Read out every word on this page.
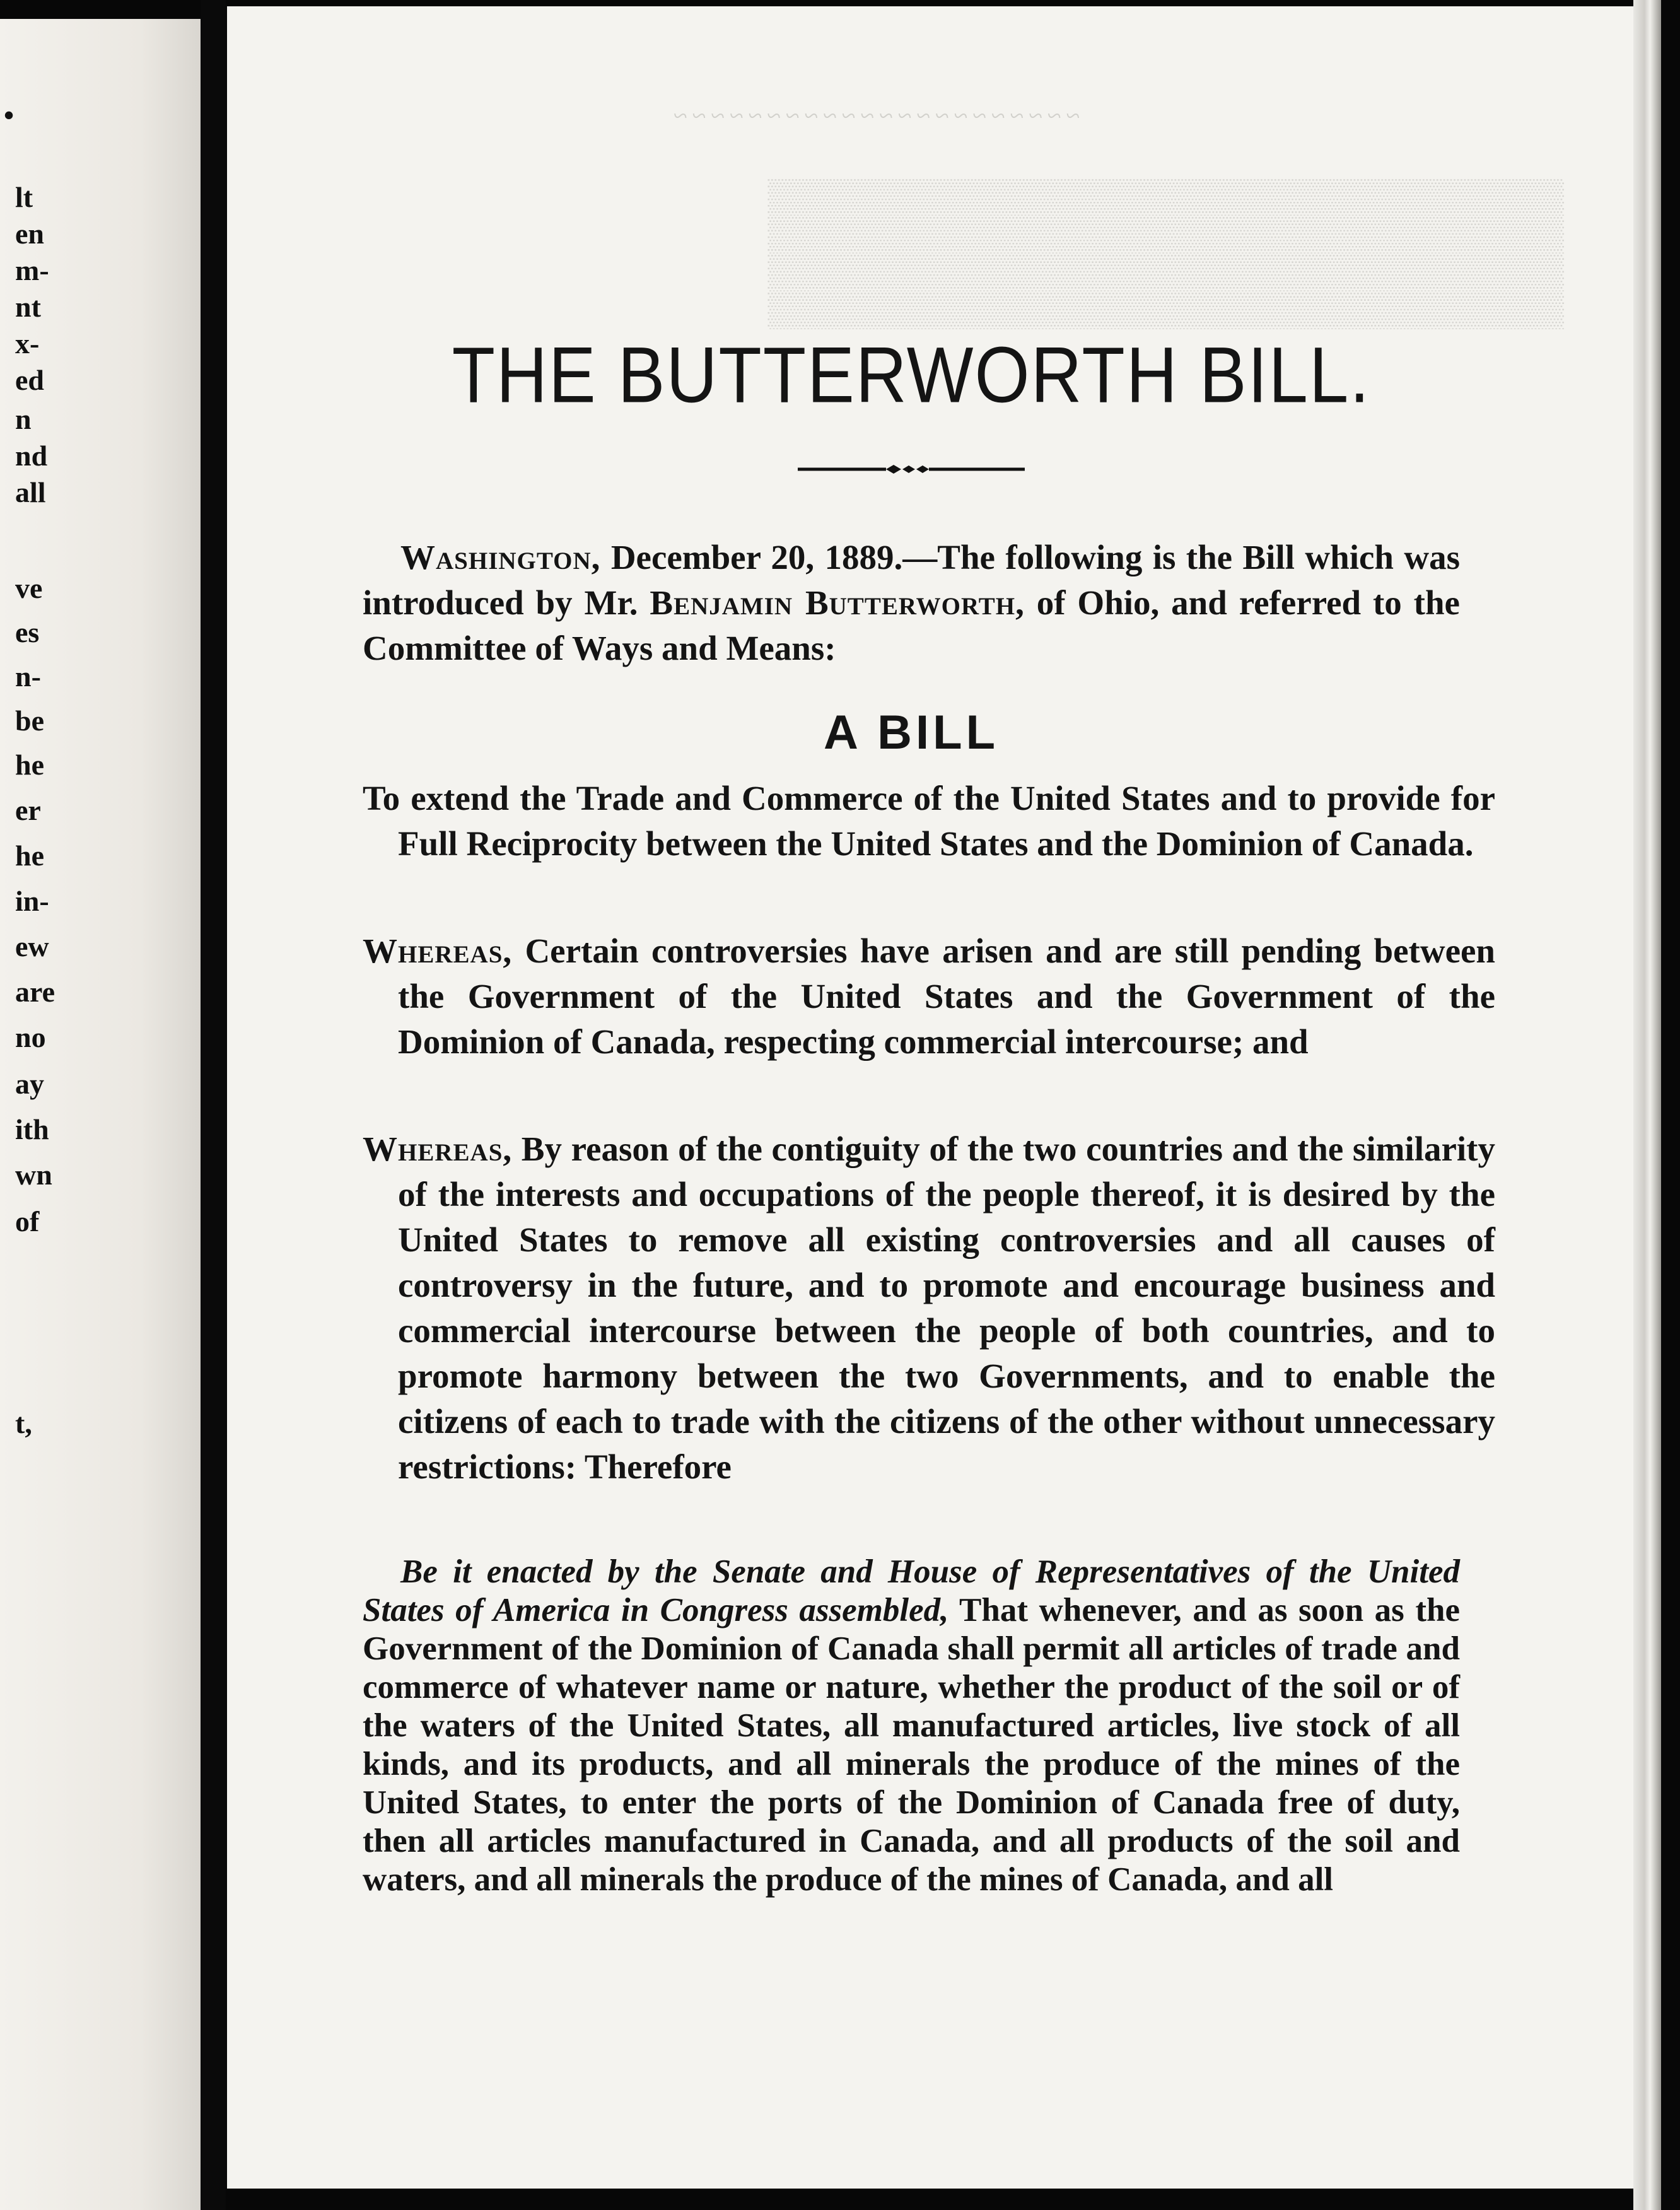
•
lt
en
m-
nt
x-
ed
n
nd
all
ve
es
n-
be
he
er
he
in-
ew
are
no
ay
ith
wn
of
t,
~~~~~~~~~~~~~~~~~~~~~~
▒▒▒▒▒▒▒▒▒▒▒▒▒▒▒▒▒▒▒▒▒▒▒▒▒▒▒▒▒▒▒▒▒
▒▒▒▒▒▒▒▒▒▒▒▒▒▒▒▒▒▒▒▒▒▒▒▒▒▒▒▒▒▒▒▒▒
▒▒▒▒▒▒▒▒▒▒▒▒▒▒▒▒▒▒▒▒▒▒▒▒▒▒▒▒▒▒▒▒▒
▒▒▒▒▒▒▒▒▒▒▒▒▒▒▒▒▒▒▒▒▒▒▒▒▒▒▒▒▒▒▒▒▒
THE BUTTERWORTH BILL.

Washington, December 20, 1889.—The following is the Bill which was introduced by Mr. Benjamin Butterworth, of Ohio, and referred to the Committee of Ways and Means:

A BILL

To extend the Trade and Commerce of the United States and to provide for Full Reciprocity between the United States and the Dominion of Canada.

Whereas, Certain controversies have arisen and are still pending between the Government of the United States and the Government of the Dominion of Canada, respecting commercial intercourse; and

Whereas, By reason of the contiguity of the two countries and the similarity of the interests and occupations of the people thereof, it is desired by the United States to remove all existing controversies and all causes of controversy in the future, and to promote and encourage business and commercial intercourse between the people of both countries, and to promote harmony between the two Governments, and to enable the citizens of each to trade with the citizens of the other without unnecessary restrictions: Therefore

Be it enacted by the Senate and House of Representatives of the United States of America in Congress assembled, That whenever, and as soon as the Government of the Dominion of Canada shall permit all articles of trade and commerce of whatever name or nature, whether the product of the soil or of the waters of the United States, all manufactured articles, live stock of all kinds, and its products, and all minerals the produce of the mines of the United States, to enter the ports of the Dominion of Canada free of duty, then all articles manufactured in Canada, and all products of the soil and waters, and all minerals the produce of the mines of Canada, and all
